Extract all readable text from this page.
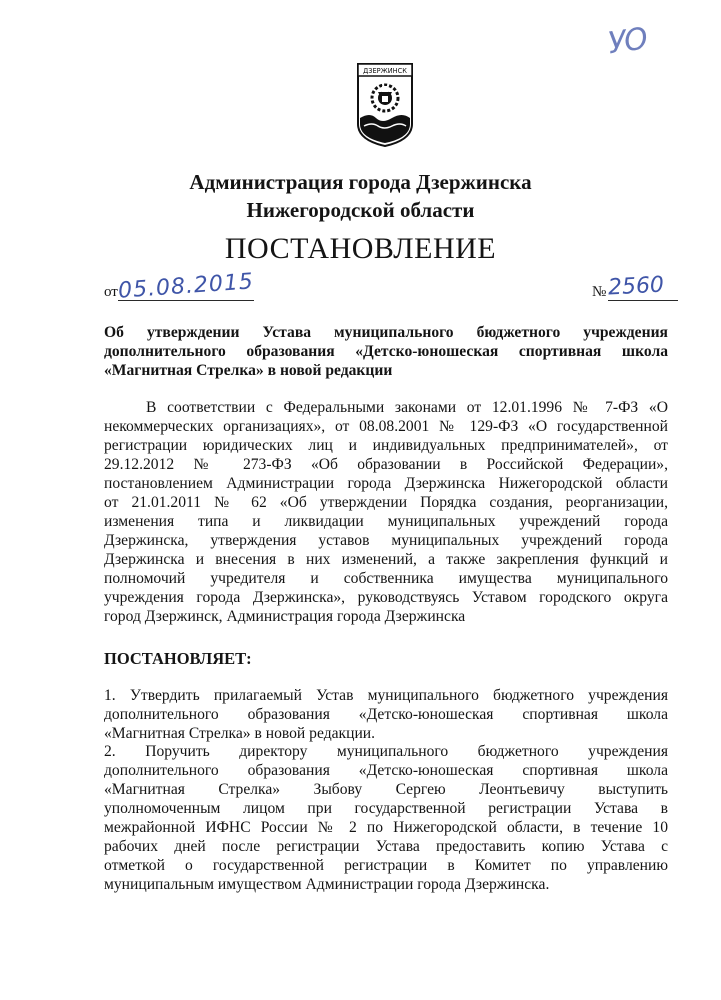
УО
ДЗЕРЖИНСК
Администрация города Дзержинска
Нижегородской области
ПОСТАНОВЛЕНИЕ
от 05.08.2015	№ 2560
Об утверждении Устава муниципального бюджетного учреждения
дополнительного образования «Детско-юношеская спортивная школа
«Магнитная Стрелка» в новой редакции
В соответствии с Федеральными законами от 12.01.1996 № 7-ФЗ «О
некоммерческих организациях», от 08.08.2001 № 129-ФЗ «О государственной
регистрации юридических лиц и индивидуальных предпринимателей», от
29.12.2012 № 273-ФЗ «Об образовании в Российской Федерации»,
постановлением Администрации города Дзержинска Нижегородской области
от 21.01.2011 № 62 «Об утверждении Порядка создания, реорганизации,
изменения типа и ликвидации муниципальных учреждений города
Дзержинска, утверждения уставов муниципальных учреждений города
Дзержинска и внесения в них изменений, а также закрепления функций и
полномочий учредителя и собственника имущества муниципального
учреждения города Дзержинска», руководствуясь Уставом городского округа
город Дзержинск, Администрация города Дзержинска
ПОСТАНОВЛЯЕТ:
1. Утвердить прилагаемый Устав муниципального бюджетного учреждения
дополнительного образования «Детско-юношеская спортивная школа
«Магнитная Стрелка» в новой редакции.
2. Поручить директору муниципального бюджетного учреждения
дополнительного образования «Детско-юношеская спортивная школа
«Магнитная Стрелка» Зыбову Сергею Леонтьевичу выступить
уполномоченным лицом при государственной регистрации Устава в
межрайонной ИФНС России № 2 по Нижегородской области, в течение 10
рабочих дней после регистрации Устава предоставить копию Устава с
отметкой о государственной регистрации в Комитет по управлению
муниципальным имуществом Администрации города Дзержинска.
